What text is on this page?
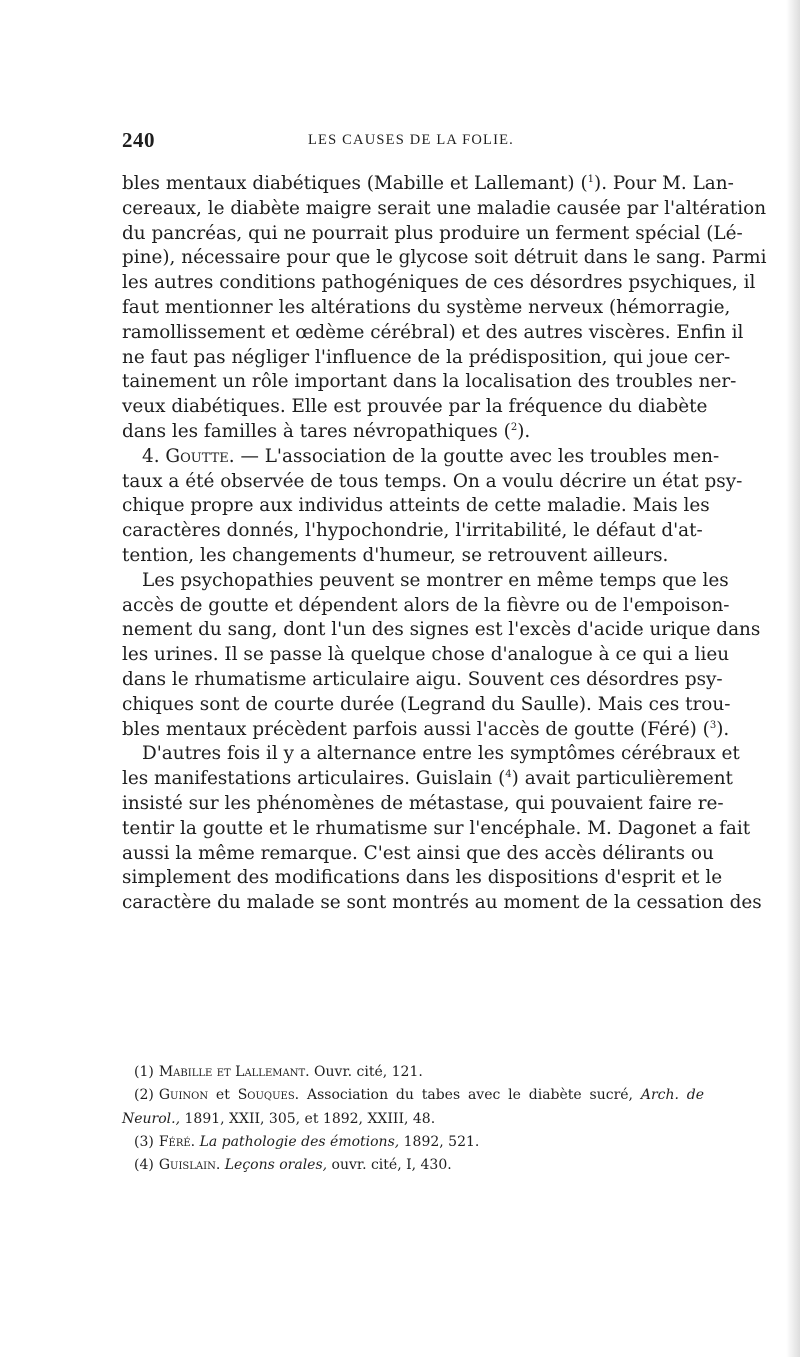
240	LES CAUSES DE LA FOLIE.
bles mentaux diabétiques (Mabille et Lallemant) ($^1$). Pour M. Lan-
cereaux, le diabète maigre serait une maladie causée par l'altération
du pancréas, qui ne pourrait plus produire un ferment spécial (Lé-
pine), nécessaire pour que le glycose soit détruit dans le sang. Parmi
les autres conditions pathogéniques de ces désordres psychiques, il
faut mentionner les altérations du système nerveux (hémorragie,
ramollissement et œdème cérébral) et des autres viscères. Enfin il
ne faut pas négliger l'influence de la prédisposition, qui joue cer-
tainement un rôle important dans la localisation des troubles ner-
veux diabétiques. Elle est prouvée par la fréquence du diabète
dans les familles à tares névropathiques ($^2$).
4. Goutte. — L'association de la goutte avec les troubles men-
taux a été observée de tous temps. On a voulu décrire un état psy-
chique propre aux individus atteints de cette maladie. Mais les
caractères donnés, l'hypochondrie, l'irritabilité, le défaut d'at-
tention, les changements d'humeur, se retrouvent ailleurs.
Les psychopathies peuvent se montrer en même temps que les
accès de goutte et dépendent alors de la fièvre ou de l'empoison-
nement du sang, dont l'un des signes est l'excès d'acide urique dans
les urines. Il se passe là quelque chose d'analogue à ce qui a lieu
dans le rhumatisme articulaire aigu. Souvent ces désordres psy-
chiques sont de courte durée (Legrand du Saulle). Mais ces trou-
bles mentaux précèdent parfois aussi l'accès de goutte (Féré) ($^3$).
D'autres fois il y a alternance entre les symptômes cérébraux et
les manifestations articulaires. Guislain ($^4$) avait particulièrement
insisté sur les phénomènes de métastase, qui pouvaient faire re-
tentir la goutte et le rhumatisme sur l'encéphale. M. Dagonet a fait
aussi la même remarque. C'est ainsi que des accès délirants ou
simplement des modifications dans les dispositions d'esprit et le
caractère du malade se sont montrés au moment de la cessation des
(1) Mabille et Lallemant. Ouvr. cité, 121.
(2) Guinon et Souques. Association du tabes avec le diabète sucré, Arch. de
Neurol., 1891, XXII, 305, et 1892, XXIII, 48.
(3) Féré. La pathologie des émotions, 1892, 521.
(4) Guislain. Leçons orales, ouvr. cité, I, 430.
